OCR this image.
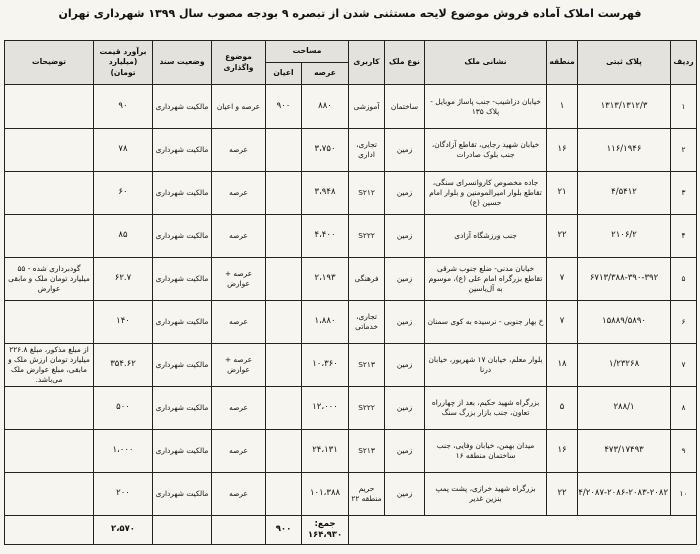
فهرست املاک آماده فروش موضوع لایحه مستثنی شدن از تبصره ۹ بودجه مصوب سال ۱۳۹۹ شهرداری تهران
ردیف	پلاک ثبتی	منطقه	نشانی ملک	نوع ملک	کاربری	مساحت		موضوع واگذاری	وضعیت سند	برآورد قیمت (میلیارد تومان)	توضیحات
						عرصه	اعیان				
۱	۱۳۱۳/۱۳۱۲/۳	۱	خیابان دزاشیب- جنب پاساژ موبایل - پلاک ۱۳۵	ساختمان	آموزشی	۸۸۰	۹۰۰	عرصه و اعیان	مالکیت شهرداری	۹۰	
۲	۱۱۶/۱۹۴۶	۱۶	خیابان شهید رجایی، تقاطع آزادگان، جنب بلوک صادرات	زمین	تجاری، اداری	۳،۷۵۰		عرصه	مالکیت شهرداری	۷۸	
۳	۴/۵۴۱۲	۲۱	جاده مخصوص کاروانسرای سنگی، تقاطع بلوار امیرالمومنین و بلوار امام حسین (ع)	زمین	S۲۱۲	۳،۹۴۸		عرصه	مالکیت شهرداری	۶۰	
۴	۲۱۰۶/۲	۲۲	جنب ورزشگاه آزادی	زمین	S۲۲۲	۴،۴۰۰		عرصه	مالکیت شهرداری	۸۵	
۵	۶۷۱۳/۳۸۸-۳۹۰-۳۹۲	۷	خیابان مدنی- ضلع جنوب شرقی تقاطع بزرگراه امام علی (ع)، موسوم به آل‌یاسین	زمین	فرهنگی	۲،۱۹۳		عرصه + عوارض	مالکیت شهرداری	۶۲.۷	گودبرداری شده - ۵۵ میلیارد تومان ملک و مابقی عوارض
۶	۱۵۸۸۹/۵۸۹۰	۷	خ بهار جنوبی - نرسیده به کوی سمنان	زمین	تجاری، خدماتی	۱،۸۸۰		عرصه	مالکیت شهرداری	۱۴۰	
۷	۱/۲۳۲۶۸	۱۸	بلوار معلم، خیابان ۱۷ شهریور، خیابان درنا	زمین	S۲۱۳	۱۰،۳۶۰		عرصه + عوارض	مالکیت شهرداری	۳۵۴.۶۲	از مبلغ مذکور، مبلغ ۲۲۶.۸ میلیارد تومان ارزش ملک و مابقی، مبلغ عوارض ملک می‌باشد.
۸	۲۸۸/۱	۵	بزرگراه شهید حکیم، بعد از چهارراه تعاون، جنب بازار بزرگ سنگ	زمین	S۲۲۲	۱۲،۰۰۰		عرصه	مالکیت شهرداری	۵۰۰	
۹	۴۷۳/۱۷۴۹۳	۱۶	میدان بهمن، خیابان وفایی، جنب ساختمان منطقه ۱۶	زمین	S۲۱۳	۲۴،۱۳۱		عرصه	مالکیت شهرداری	۱،۰۰۰	
۱۰	۴/۲۰۸۷-۲۰۸۶-۲۰۸۳-۲۰۸۲	۲۲	بزرگراه شهید خرازی، پشت پمپ بنزین غدیر	زمین	حریم منطقه ۲۲	۱۰۱،۳۸۸		عرصه	مالکیت شهرداری	۲۰۰	
						جمع: ۱۶۴،۹۳۰	۹۰۰			۲،۵۷۰	
